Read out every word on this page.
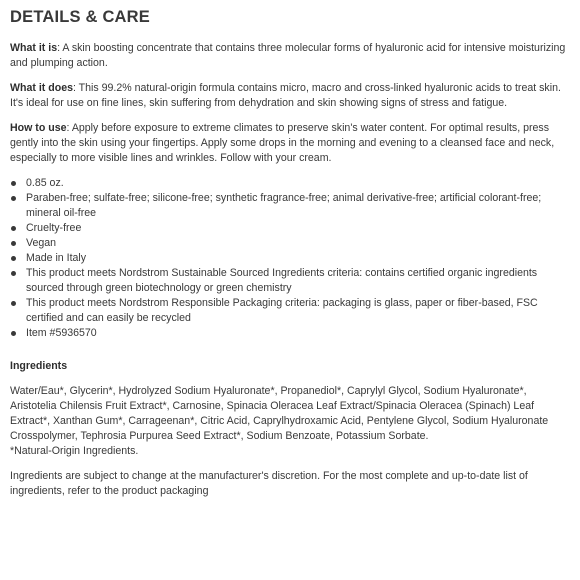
DETAILS & CARE

What it is: A skin boosting concentrate that contains three molecular forms of hyaluronic acid for intensive moisturizing and plumping action.

What it does: This 99.2% natural-origin formula contains micro, macro and cross-linked hyaluronic acids to treat skin. It's ideal for use on fine lines, skin suffering from dehydration and skin showing signs of stress and fatigue.

How to use: Apply before exposure to extreme climates to preserve skin's water content. For optimal results, press gently into the skin using your fingertips. Apply some drops in the morning and evening to a cleansed face and neck, especially to more visible lines and wrinkles. Follow with your cream.

0.85 oz.
Paraben-free; sulfate-free; silicone-free; synthetic fragrance-free; animal derivative-free; artificial colorant-free; mineral oil-free
Cruelty-free
Vegan
Made in Italy
This product meets Nordstrom Sustainable Sourced Ingredients criteria: contains certified organic ingredients sourced through green biotechnology or green chemistry
This product meets Nordstrom Responsible Packaging criteria: packaging is glass, paper or fiber-based, FSC certified and can easily be recycled
Item #5936570
Ingredients

Water/Eau*, Glycerin*, Hydrolyzed Sodium Hyaluronate*, Propanediol*, Caprylyl Glycol, Sodium Hyaluronate*, Aristotelia Chilensis Fruit Extract*, Carnosine, Spinacia Oleracea Leaf Extract/Spinacia Oleracea (Spinach) Leaf Extract*, Xanthan Gum*, Carrageenan*, Citric Acid, Caprylhydroxamic Acid, Pentylene Glycol, Sodium Hyaluronate Crosspolymer, Tephrosia Purpurea Seed Extract*, Sodium Benzoate, Potassium Sorbate.
*Natural-Origin Ingredients.

Ingredients are subject to change at the manufacturer's discretion. For the most complete and up-to-date list of ingredients, refer to the product packaging
